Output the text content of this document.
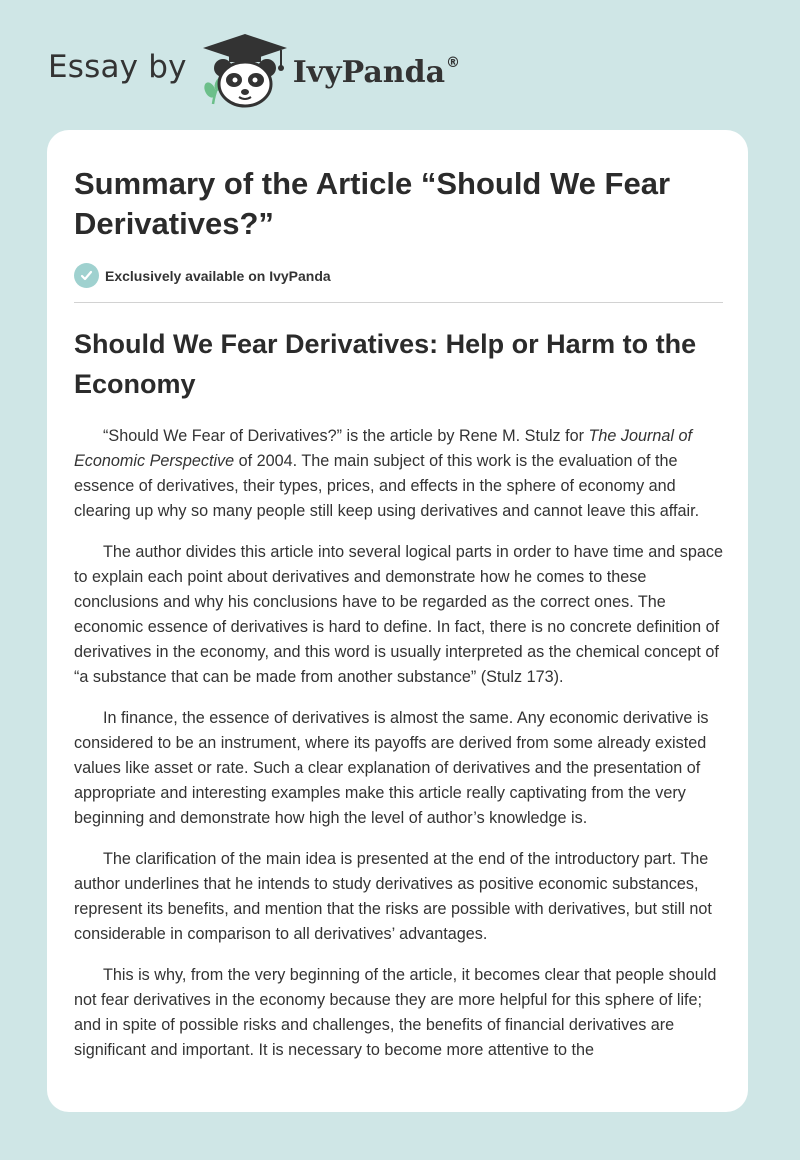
Essay by	IvyPanda®
Summary of the Article “Should We Fear Derivatives?”
Exclusively available on IvyPanda
Should We Fear Derivatives: Help or Harm to the Economy

“Should We Fear of Derivatives?” is the article by Rene M. Stulz for The Journal of Economic Perspective of 2004. The main subject of this work is the evaluation of the essence of derivatives, their types, prices, and effects in the sphere of economy and clearing up why so many people still keep using derivatives and cannot leave this affair.

The author divides this article into several logical parts in order to have time and space to explain each point about derivatives and demonstrate how he comes to these conclusions and why his conclusions have to be regarded as the correct ones. The economic essence of derivatives is hard to define. In fact, there is no concrete definition of derivatives in the economy, and this word is usually interpreted as the chemical concept of “a substance that can be made from another substance” (Stulz 173).

In finance, the essence of derivatives is almost the same. Any economic derivative is considered to be an instrument, where its payoffs are derived from some already existed values like asset or rate. Such a clear explanation of derivatives and the presentation of appropriate and interesting examples make this article really captivating from the very beginning and demonstrate how high the level of author’s knowledge is.

The clarification of the main idea is presented at the end of the introductory part. The author underlines that he intends to study derivatives as positive economic substances, represent its benefits, and mention that the risks are possible with derivatives, but still not considerable in comparison to all derivatives’ advantages.

This is why, from the very beginning of the article, it becomes clear that people should not fear derivatives in the economy because they are more helpful for this sphere of life; and in spite of possible risks and challenges, the benefits of financial derivatives are significant and important. It is necessary to become more attentive to the
